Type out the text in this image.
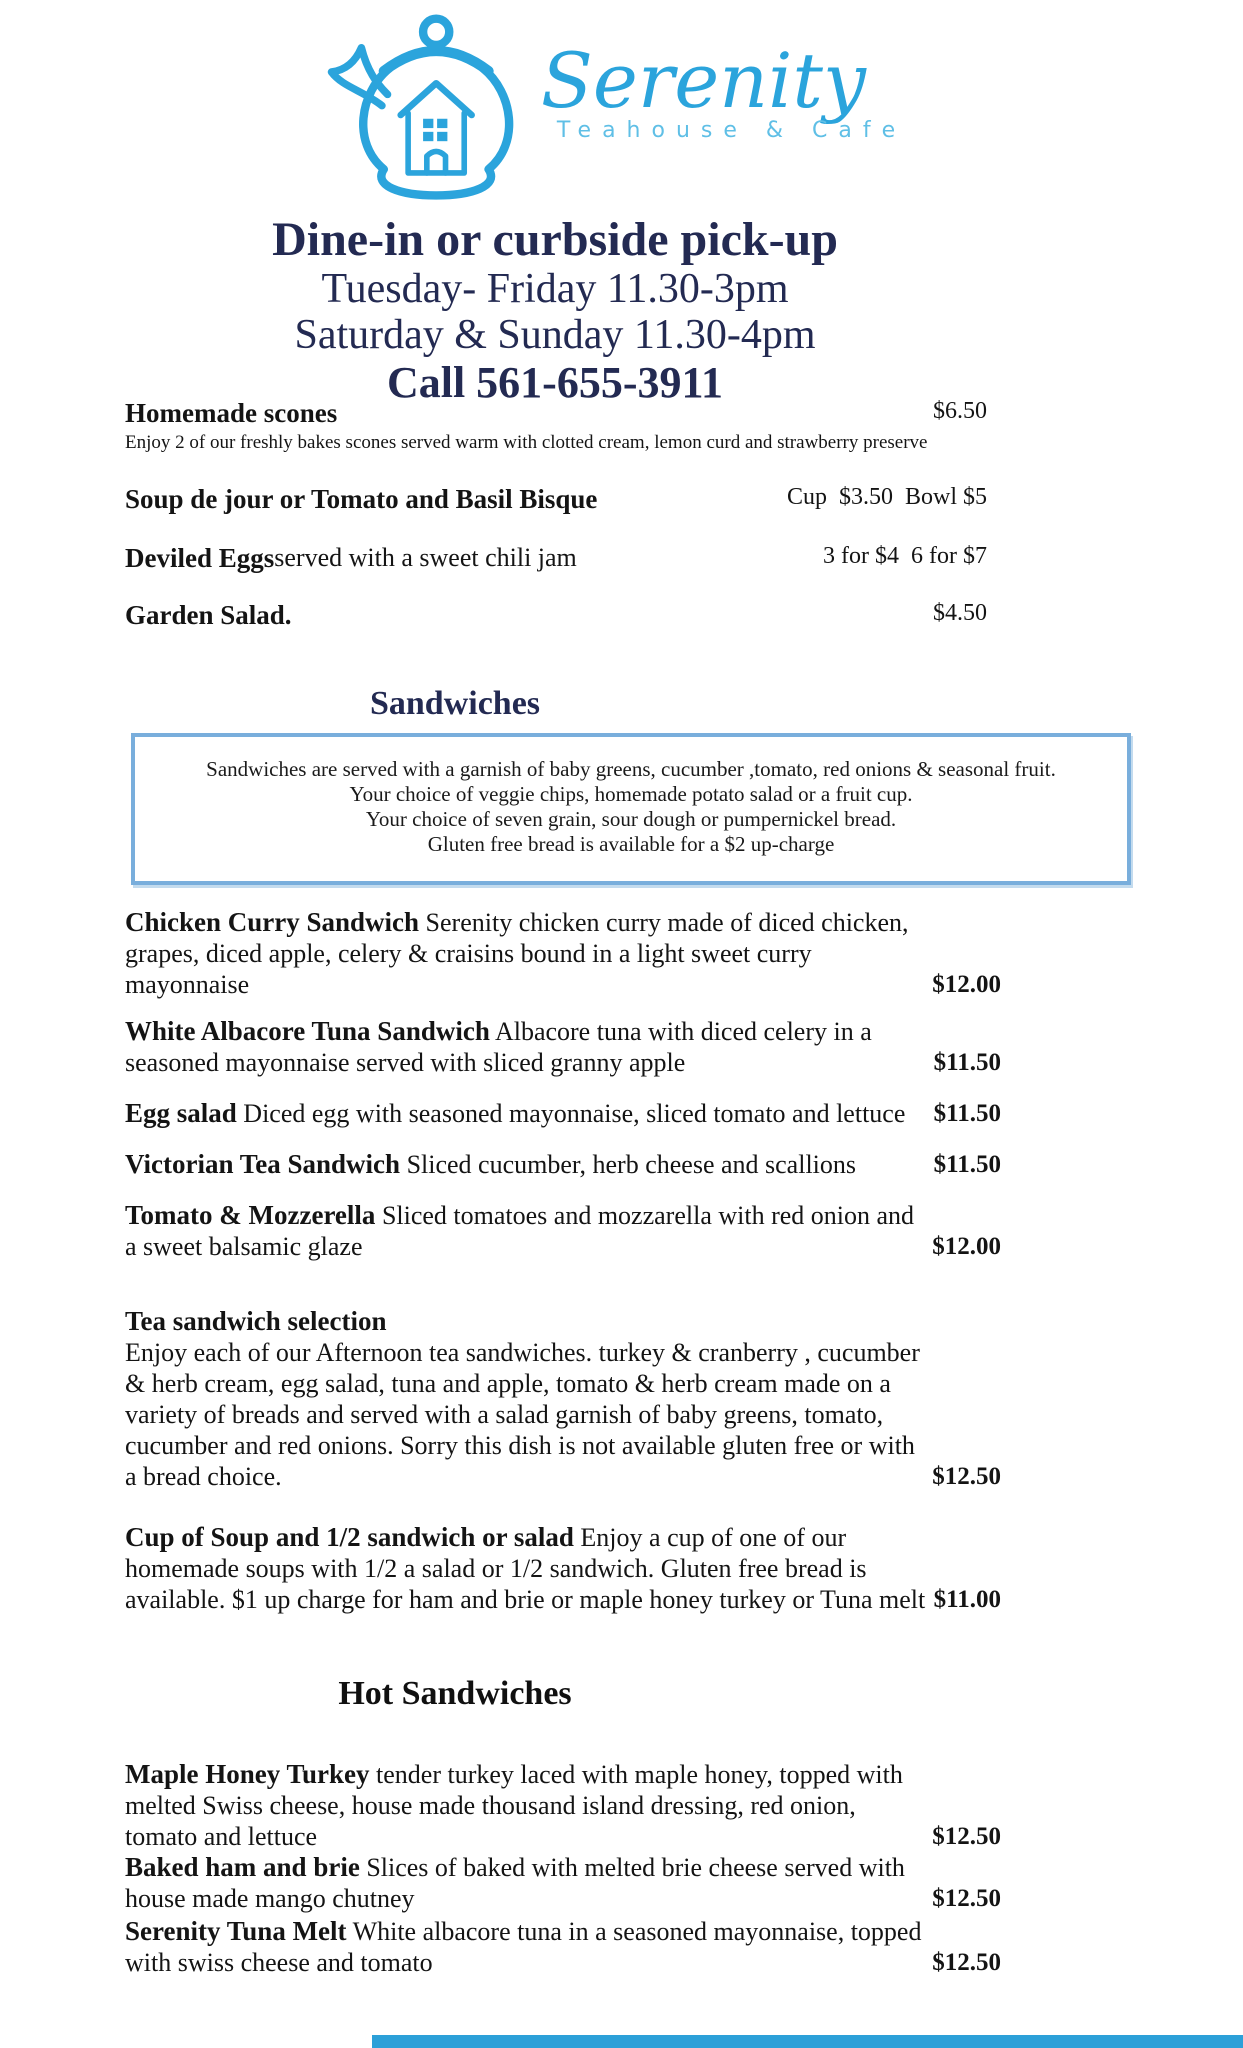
Serenity
Teahouse & Cafe
Dine-in or curbside pick-up
Tuesday- Friday 11.30-3pm
Saturday & Sunday 11.30-4pm
Call 561-655-3911
Homemade scones	$6.50
Enjoy 2 of our freshly bakes scones served warm with clotted cream, lemon curd and strawberry preserve
Soup de jour or Tomato and Basil Bisque	Cup  $3.50  Bowl $5
Deviled Eggs served with a sweet chili jam	3 for $4  6 for $7
Garden Salad.	$4.50
Sandwiches
Sandwiches are served with a garnish of baby greens, cucumber ,tomato, red onions & seasonal fruit.
Your choice of veggie chips, homemade potato salad or a fruit cup.
Your choice of seven grain, sour dough or pumpernickel bread.
Gluten free bread is available for a $2 up-charge
Chicken Curry Sandwich Serenity chicken curry made of diced chicken, grapes, diced apple, celery & craisins bound in a light sweet curry mayonnaise	$12.00
White Albacore Tuna Sandwich Albacore tuna with diced celery in a seasoned mayonnaise served with sliced granny apple	$11.50
Egg salad Diced egg with seasoned mayonnaise, sliced tomato and lettuce	$11.50
Victorian Tea Sandwich Sliced cucumber, herb cheese and scallions	$11.50
Tomato & Mozzerella Sliced tomatoes and mozzarella with red onion and a sweet balsamic glaze	$12.00
Tea sandwich selection
Enjoy each of our Afternoon tea sandwiches. turkey & cranberry , cucumber & herb cream, egg salad, tuna and apple, tomato & herb cream made on a variety of breads and served with a salad garnish of baby greens, tomato, cucumber and red onions. Sorry this dish is not available gluten free or with a bread choice.	$12.50
Cup of Soup and 1/2 sandwich or salad Enjoy a cup of one of our homemade soups with 1/2 a salad or 1/2 sandwich. Gluten free bread is available. $1 up charge for ham and brie or maple honey turkey or Tuna melt $11.00
Hot Sandwiches
Maple Honey Turkey tender turkey laced with maple honey, topped with melted Swiss cheese, house made thousand island dressing, red onion, tomato and lettuce	$12.50
Baked ham and brie Slices of baked with melted brie cheese served with house made mango chutney	$12.50
Serenity Tuna Melt White albacore tuna in a seasoned mayonnaise, topped with swiss cheese and tomato	$12.50
